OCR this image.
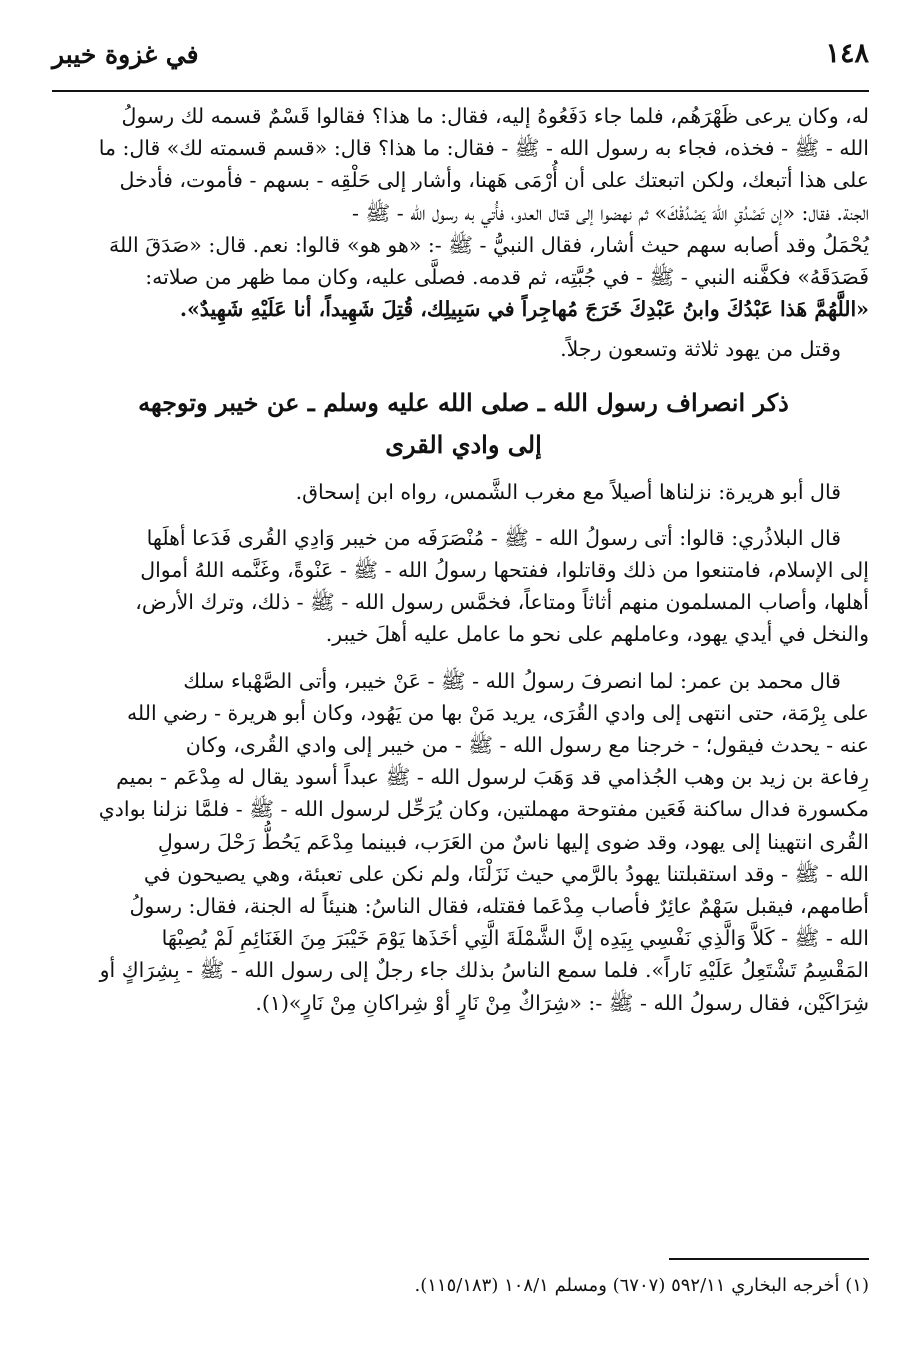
١٤٨
في غزوة خيبر

له، وكان يرعى ظَهْرَهُم، فلما جاء دَفَعُوهُ إليه، فقال: ما هذا؟ فقالوا قَسْمٌ قسمه لك رسولُ

الله - ﷺ - فخذه، فجاء به رسول الله - ﷺ - فقال: ما هذا؟ قال: «قسم قسمته لك» قال: ما

على هذا أتبعك، ولكن اتبعتك على أن أُرْمَى هَهنا، وأشار إلى حَلْقِه - بسهم - فأموت، فأدخل

الجنة. فقال: «إن تَصْدُقِ اللهَ يَصْدُقْكَ» ثم نهضوا إلى قتال العدو، فأُتي به رسول الله - ﷺ -

يُحْمَلُ وقد أصابه سهم حيث أشار، فقال النبيُّ - ﷺ -: «هو هو» قالوا: نعم. قال: «صَدَقَ اللهَ

فَصَدَقَهُ» فكفَّنه النبي - ﷺ - في جُبَّتِه، ثم قدمه. فصلَّى عليه، وكان مما ظهر من صلاته:

«اللَّهُمَّ هَذا عَبْدُكَ وابنُ عَبْدِكَ خَرَجَ مُهاجِراً في سَبِيلِك، قُتِلَ شَهِيداً، أنا عَلَيْهِ شَهِيدٌ».

وقتل من يهود ثلاثة وتسعون رجلاً.

ذكر انصراف رسول الله ـ صلى الله عليه وسلم ـ عن خيبر وتوجهه
إلى وادي القرى

قال أبو هريرة: نزلناها أصيلاً مع مغرب الشَّمس، رواه ابن إسحاق.

قال البلاذُري: قالوا: أتى رسولُ الله - ﷺ - مُنْصَرَفَه من خيبر وَادِي القُرى فَدَعا أهلَها

إلى الإسلام، فامتنعوا من ذلك وقاتلوا، ففتحها رسولُ الله - ﷺ - عَنْوةً، وغَنَّمه اللهُ أموال

أهلها، وأصاب المسلمون منهم أثاثاً ومتاعاً، فخمَّس رسول الله - ﷺ - ذلك، وترك الأرض،

والنخل في أيدي يهود، وعاملهم على نحو ما عامل عليه أهلَ خيبر.

قال محمد بن عمر: لما انصرفَ رسولُ الله - ﷺ - عَنْ خيبر، وأتى الصَّهْباء سلك

على بِرْمَة، حتى انتهى إلى وادي القُرَى، يريد مَنْ بها من يَهُود، وكان أبو هريرة - رضي الله

عنه - يحدث فيقول؛ - خرجنا مع رسول الله - ﷺ - من خيبر إلى وادي القُرى، وكان

رِفاعة بن زيد بن وهب الجُذامي قد وَهَبَ لرسول الله - ﷺ عبداً أسود يقال له مِدْعَم - بميم

مكسورة فدال ساكنة فَعَين مفتوحة مهملتين، وكان يُرَحِّل لرسول الله - ﷺ - فلمَّا نزلنا بوادي

القُرى انتهينا إلى يهود، وقد ضوى إليها ناسٌ من العَرَب، فبينما مِدْعَم يَحُطُّ رَحْلَ رسولِ

الله - ﷺ - وقد استقبلتنا يهودُ بالرَّمي حيث نَزَلْنَا، ولم نكن على تعبئة، وهي يصيحون في

أطامهم، فيقبل سَهْمٌ عائِرٌ فأصاب مِدْعَما فقتله، فقال الناسُ: هنيئاً له الجنة، فقال: رسولُ

الله - ﷺ - كَلاَّ وَالَّذِي نَفْسِي بِيَدِه إنَّ الشَّمْلَةَ الَّتِي أخَذَها يَوْمَ خَيْبَرَ مِنَ الغَنَائِمِ لَمْ يُصِبْهَا

المَقْسِمُ تَشْتَعِلُ عَلَيْهِ نَاراً». فلما سمع الناسُ بذلك جاء رجلٌ إلى رسول الله - ﷺ - بِشِرَاكٍ أو

شِرَاكَيْن، فقال رسولُ الله - ﷺ -: «شِرَاكٌ مِنْ نَارٍ أوْ شِراكانِ مِنْ نَارٍ»(١).

(١) أخرجه البخاري ٥٩٢/١١ (٦٧٠٧) ومسلم ١٠٨/١ (١١٥/١٨٣).
